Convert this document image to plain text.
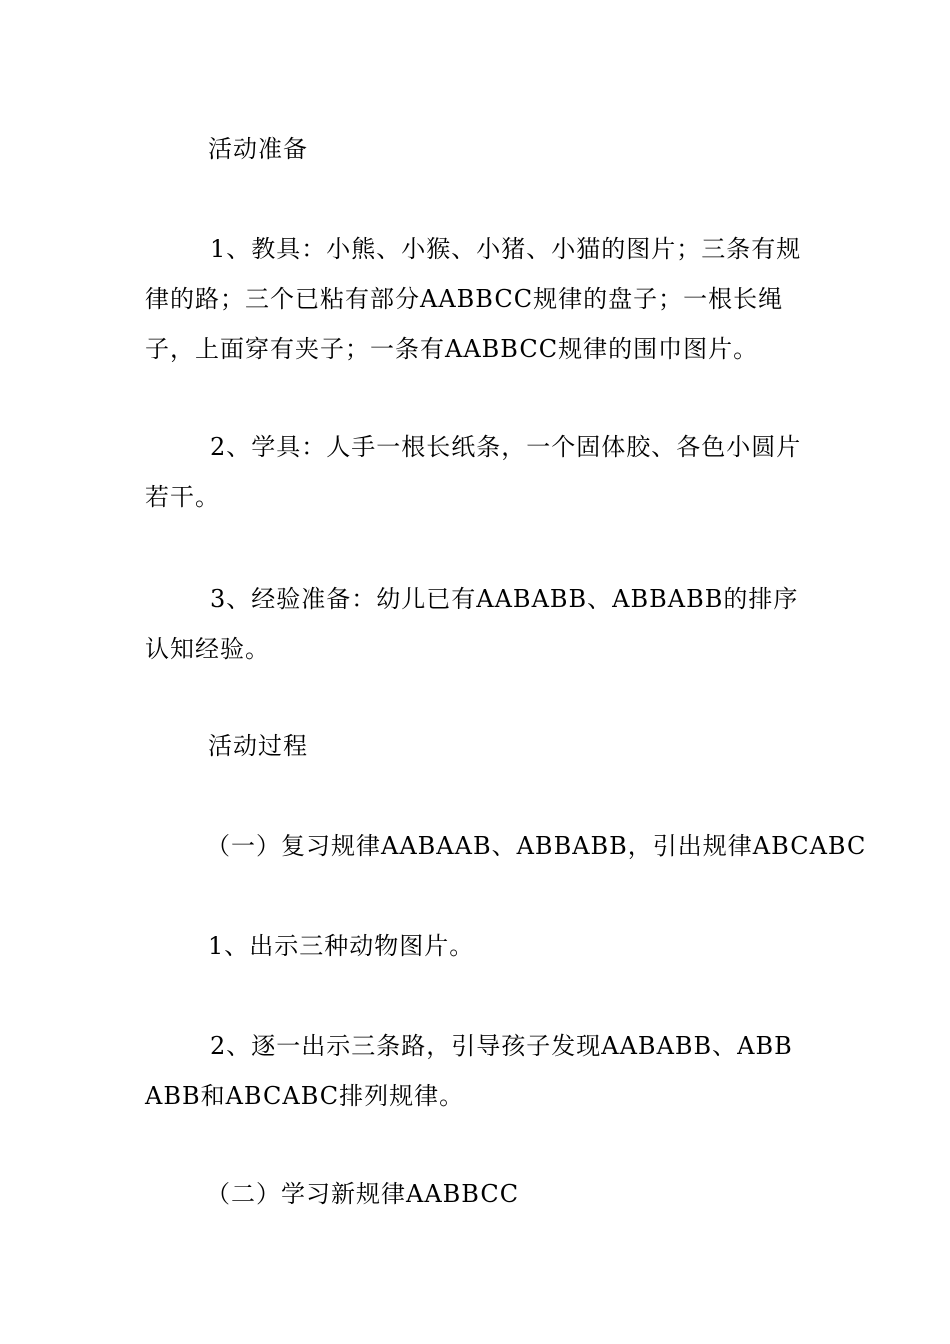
活动准备
1、教具：小熊、小猴、小猪、小猫的图片；三条有规律的路；三个已粘有部分AABBCC规律的盘子；一根长绳子，上面穿有夹子；一条有AABBCC规律的围巾图片。
2、学具：人手一根长纸条，一个固体胶、各色小圆片若干。
3、经验准备：幼儿已有AABABB、ABBABB的排序认知经验。
活动过程
（一）复习规律AABAAB、ABBABB，引出规律ABCABC
1、出示三种动物图片。
2、逐一出示三条路，引导孩子发现AABABB、ABBABB和ABCABC排列规律。
（二）学习新规律AABBCC
